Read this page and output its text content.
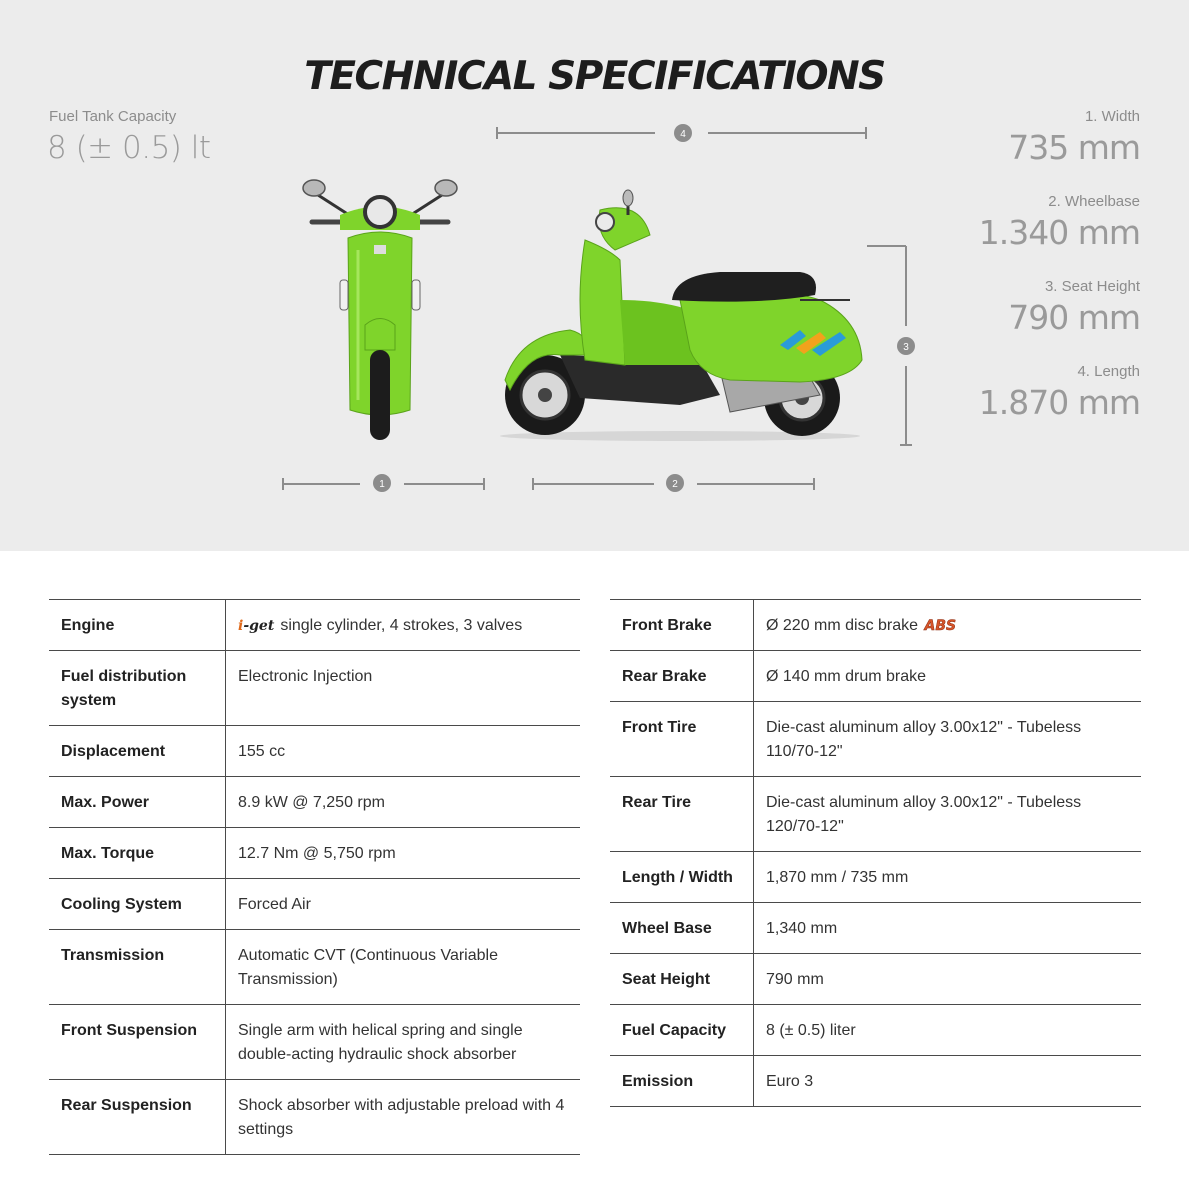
TECHNICAL SPECIFICATIONS
Fuel Tank Capacity
8 (± 0.5) lt
1. Width
735 mm
2. Wheelbase
1.340 mm
3. Seat Height
790 mm
4. Length
1.870 mm
4
1	2
3
Engine	i-get single cylinder, 4 strokes, 3 valves
Fuel distribution system	Electronic Injection
Displacement	155 cc
Max. Power	8.9 kW @ 7,250 rpm
Max. Torque	12.7 Nm @ 5,750 rpm
Cooling System	Forced Air
Transmission	Automatic CVT (Continuous Variable Transmission)
Front Suspension	Single arm with helical spring and single double-acting hydraulic shock absorber
Rear Suspension	Shock absorber with adjustable preload with 4 settings
Front Brake	Ø 220 mm disc brake ABS
Rear Brake	Ø 140 mm drum brake
Front Tire	Die-cast aluminum alloy 3.00x12" - Tubeless 110/70-12"
Rear Tire	Die-cast aluminum alloy 3.00x12" - Tubeless 120/70-12"
Length / Width	1,870 mm / 735 mm
Wheel Base	1,340 mm
Seat Height	790 mm
Fuel Capacity	8 (± 0.5) liter
Emission	Euro 3
